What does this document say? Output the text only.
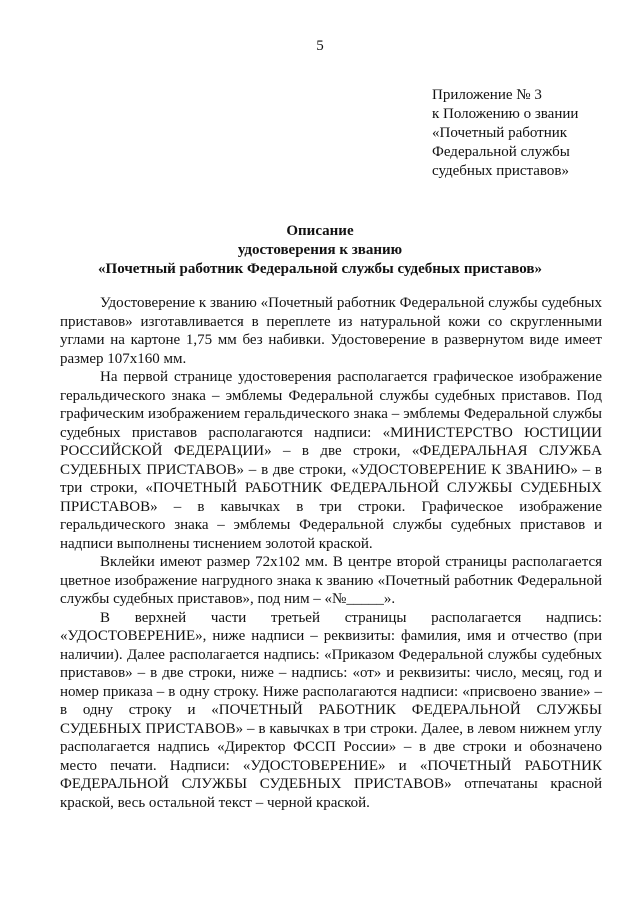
5
Приложение № 3
к Положению о звании
«Почетный работник
Федеральной службы
судебных приставов»
Описание
удостоверения к званию
«Почетный работник Федеральной службы судебных приставов»

Удостоверение к званию «Почетный работник Федеральной службы судебных приставов» изготавливается в переплете из натуральной кожи со скругленными углами на картоне 1,75 мм без набивки. Удостоверение в развернутом виде имеет размер 107х160 мм.

На первой странице удостоверения располагается графическое изображение геральдического знака – эмблемы Федеральной службы судебных приставов. Под графическим изображением геральдического знака – эмблемы Федеральной службы судебных приставов располагаются надписи: «МИНИСТЕРСТВО ЮСТИЦИИ РОССИЙСКОЙ ФЕДЕРАЦИИ» – в две строки, «ФЕДЕРАЛЬНАЯ СЛУЖБА СУДЕБНЫХ ПРИСТАВОВ» – в две строки, «УДОСТОВЕРЕНИЕ К ЗВАНИЮ» – в три строки, «ПОЧЕТНЫЙ РАБОТНИК ФЕДЕРАЛЬНОЙ СЛУЖБЫ СУДЕБНЫХ ПРИСТАВОВ» – в кавычках в три строки. Графическое изображение геральдического знака – эмблемы Федеральной службы судебных приставов и надписи выполнены тиснением золотой краской.

Вклейки имеют размер 72х102 мм. В центре второй страницы располагается цветное изображение нагрудного знака к званию «Почетный работник Федеральной службы судебных приставов», под ним – «№_____».

В верхней части третьей страницы располагается надпись: «УДОСТОВЕРЕНИЕ», ниже надписи – реквизиты: фамилия, имя и отчество (при наличии). Далее располагается надпись: «Приказом Федеральной службы судебных приставов» – в две строки, ниже – надпись: «от» и реквизиты: число, месяц, год и номер приказа – в одну строку. Ниже располагаются надписи: «присвоено звание» – в одну строку и «ПОЧЕТНЫЙ РАБОТНИК ФЕДЕРАЛЬНОЙ СЛУЖБЫ СУДЕБНЫХ ПРИСТАВОВ» – в кавычках в три строки. Далее, в левом нижнем углу располагается надпись «Директор ФССП России» – в две строки и обозначено место печати. Надписи: «УДОСТОВЕРЕНИЕ» и «ПОЧЕТНЫЙ РАБОТНИК ФЕДЕРАЛЬНОЙ СЛУЖБЫ СУДЕБНЫХ ПРИСТАВОВ» отпечатаны красной краской, весь остальной текст – черной краской.
